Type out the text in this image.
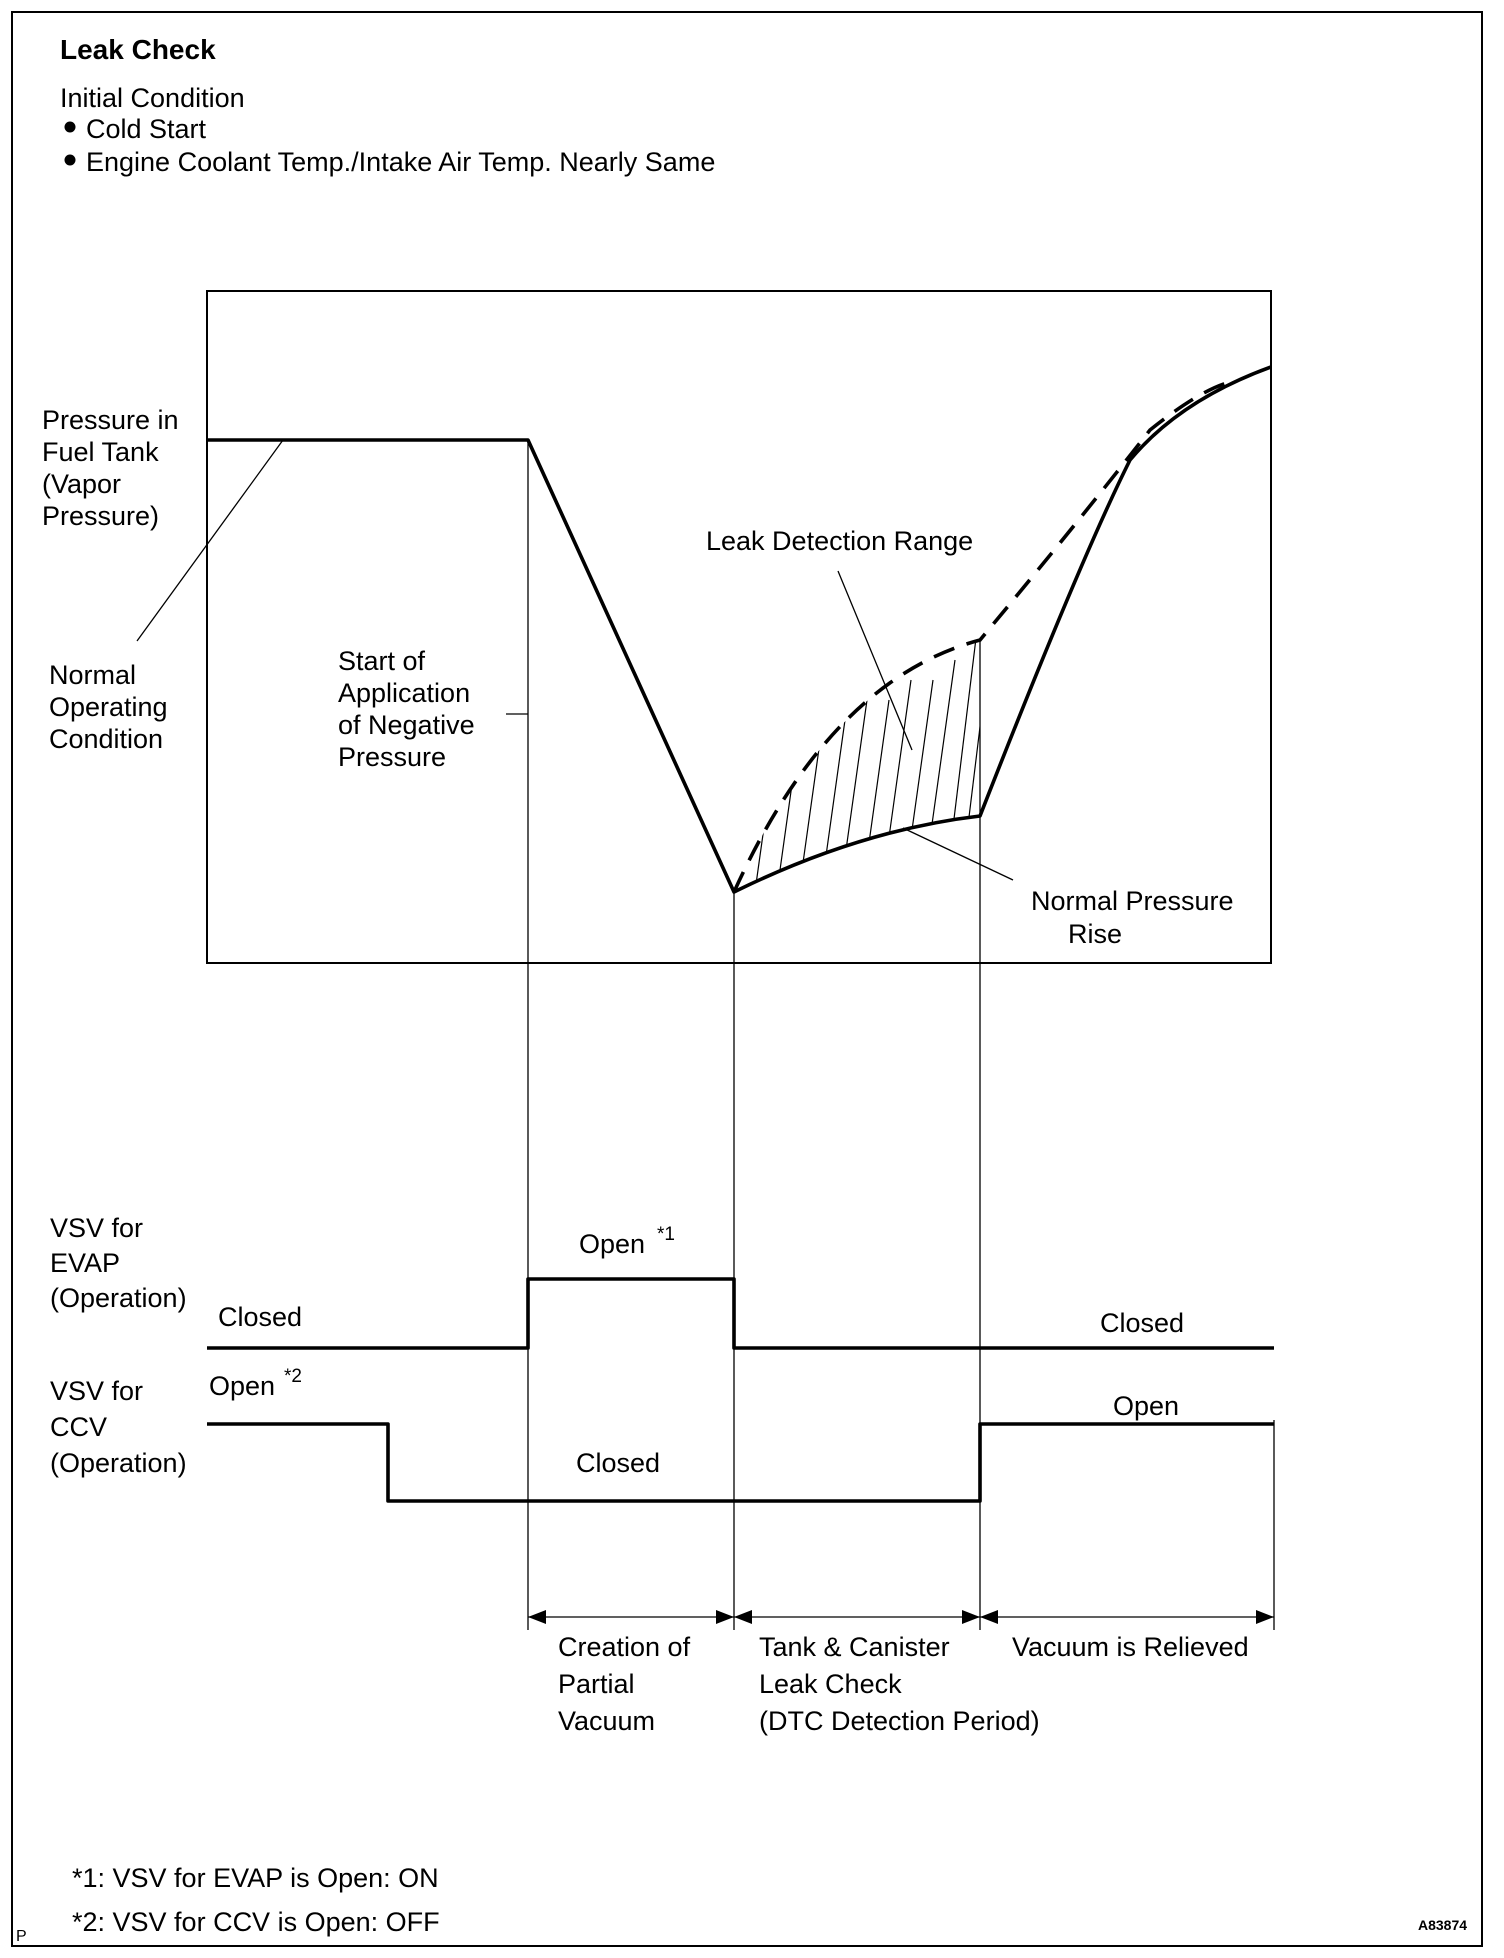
Leak Check
Initial Condition
Cold Start
Engine Coolant Temp./Intake Air Temp. Nearly Same
Pressure in
Fuel Tank
(Vapor
Pressure)
Normal
Operating
Condition
Start of
Application
of Negative
Pressure
Leak Detection Range
Normal Pressure
Rise
VSV for
EVAP
(Operation)
Closed
Open *1
Closed
VSV for
CCV
(Operation)
Open *2
Closed
Open
Creation of
Partial
Vacuum
Tank & Canister
Leak Check
(DTC Detection Period)
Vacuum is Relieved
*1: VSV for EVAP is Open: ON
*2: VSV for CCV is Open: OFF
P
A83874
